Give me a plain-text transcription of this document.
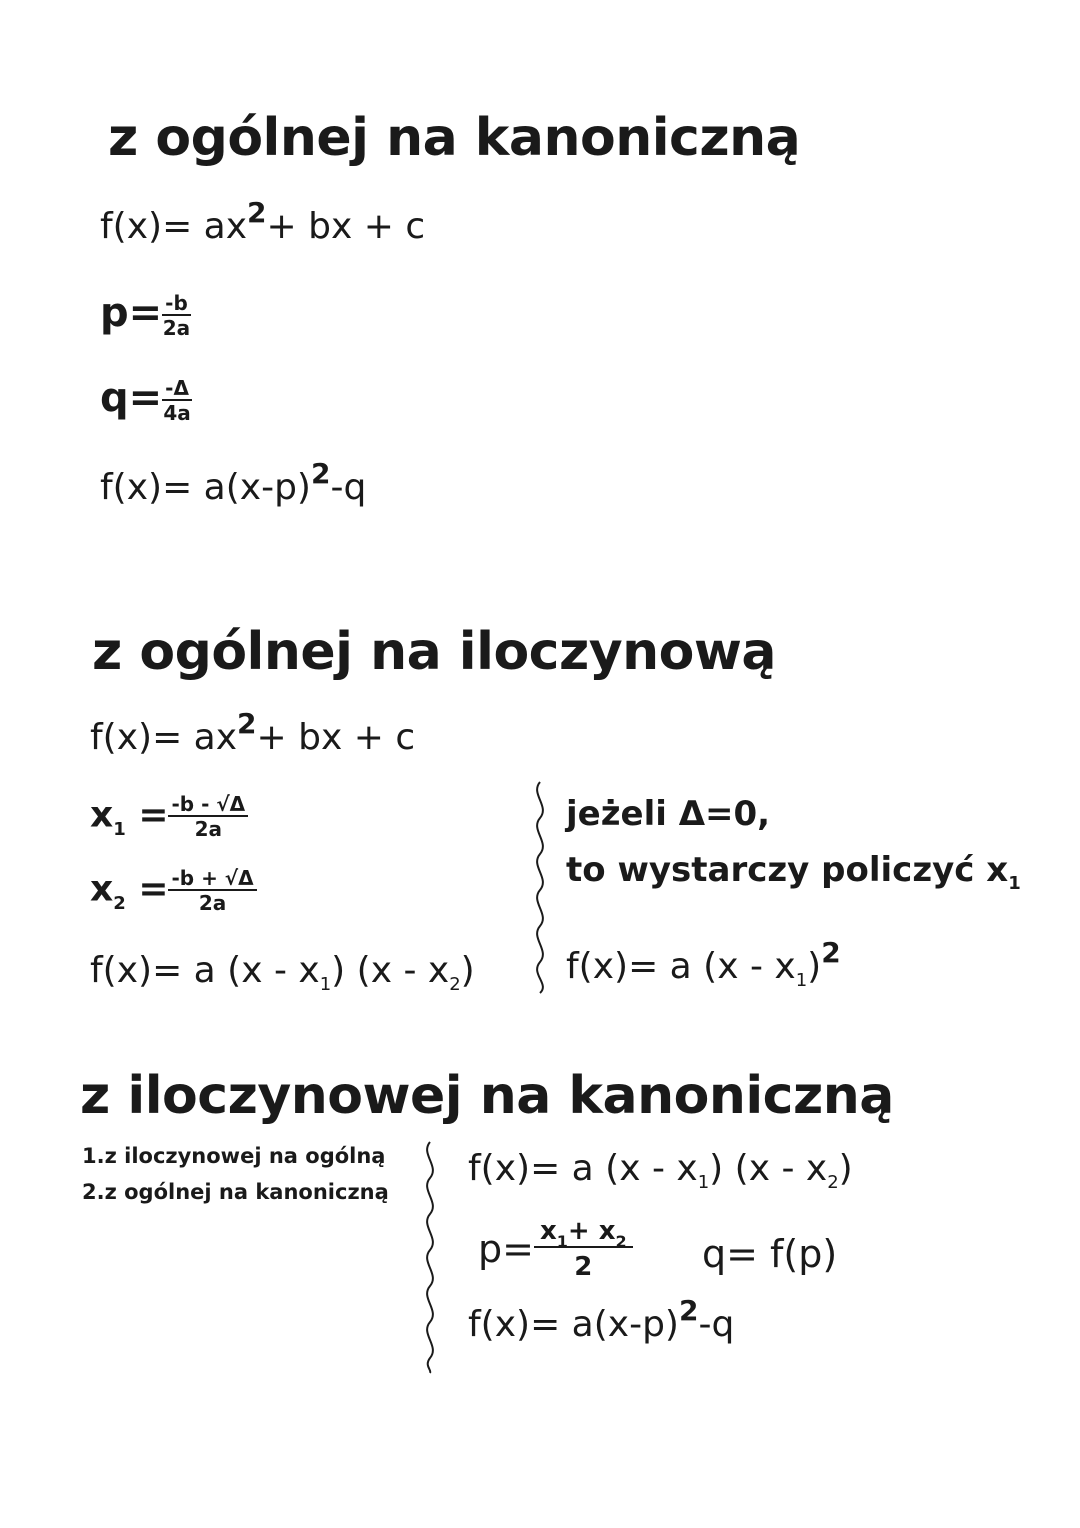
z ogólnej na kanoniczną
$f(x)= ax^2+$ bx + c
$p= \frac{-b}{2a}$
$q= \frac{-\Delta}{4a}$
$f(x)= a(x-p)^2-q$
z ogólnej na iloczynową
$f(x)= ax^2+$ bx + c
$x_1 = \frac{-b - √\Delta}{2a}$
$x_2 = \frac{-b + √\Delta}{2a}$
f(x)= a $(x - x_1)$ $(x - x_2)$
jeżeli Δ=0,
to wystarczy policzyć $x_1$
f(x)= a $(x - x_1)^2$
z iloczynowej na kanoniczną
1.z iloczynowej na ogólną
2.z ogólnej na kanoniczną
f(x)= a $(x - x_1)$ $(x - x_2)$
$p= \frac{x_1+ x_2}{2} q= f(p)$
$f(x)= a(x-p)^2-q$
